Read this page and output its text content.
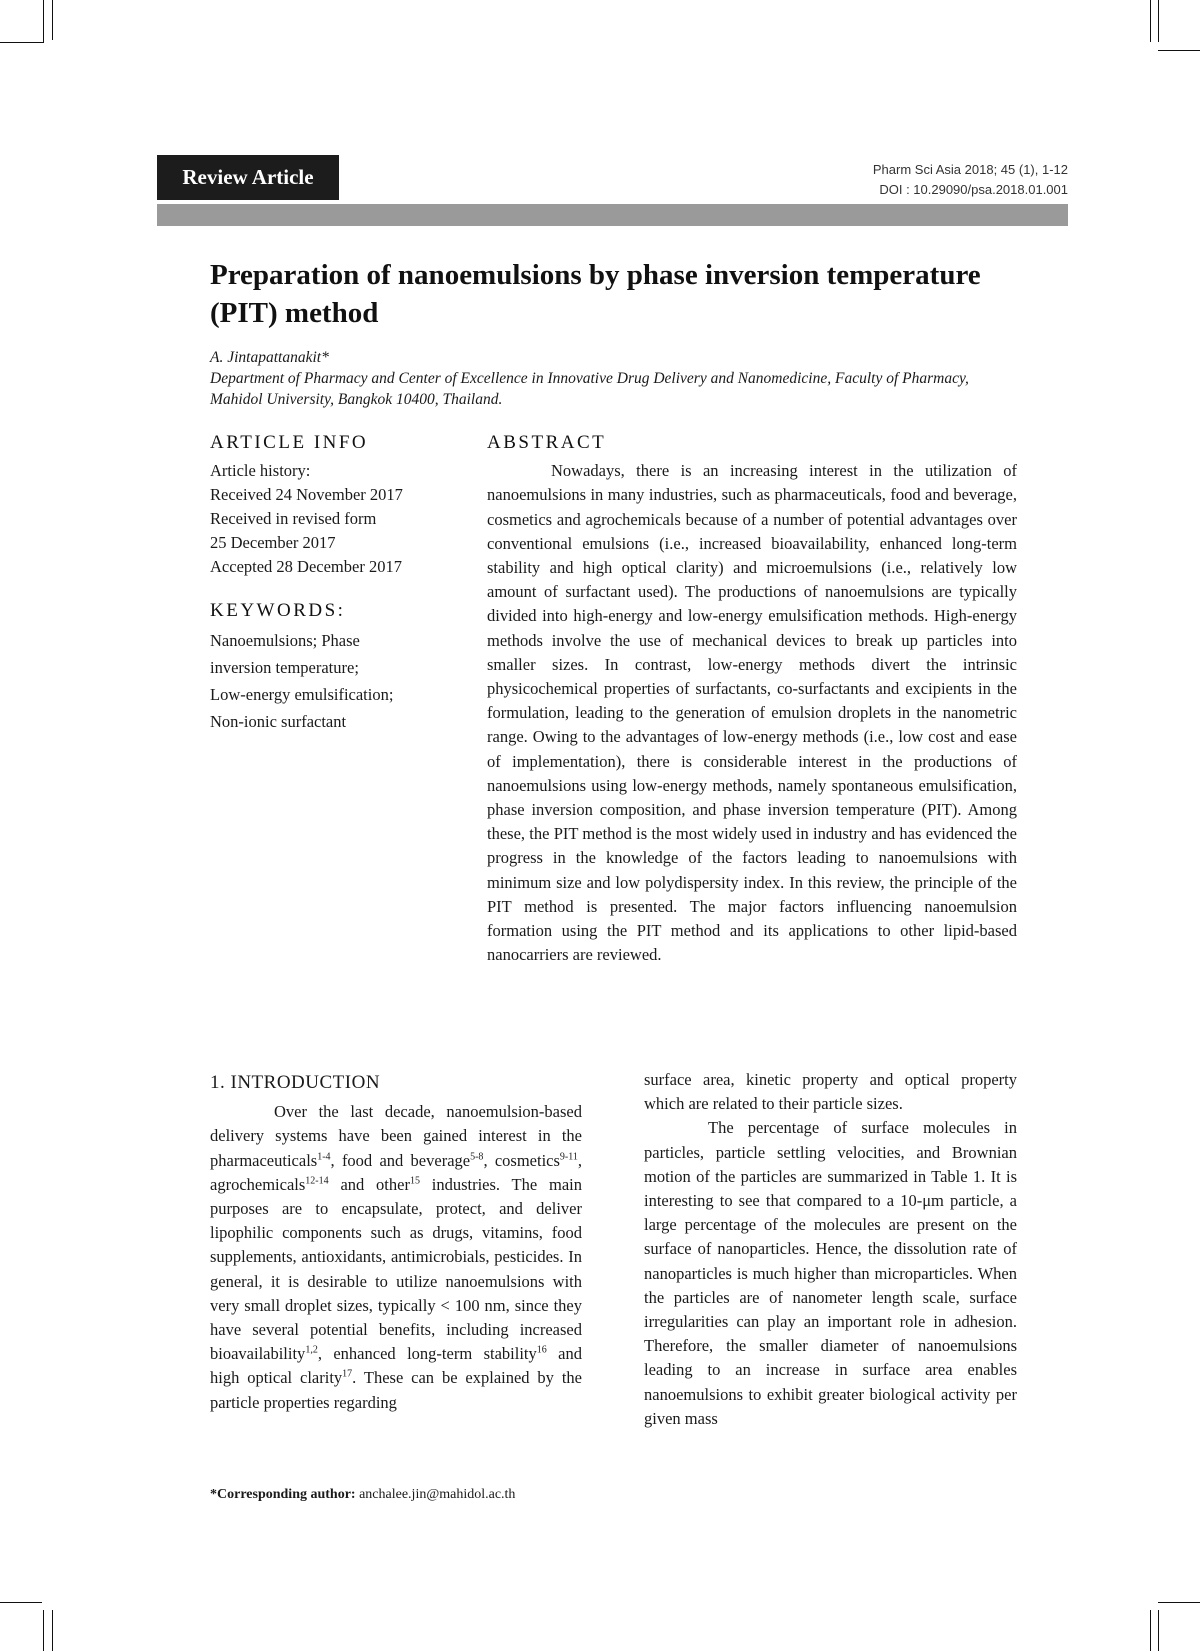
Review Article	Pharm Sci Asia 2018; 45 (1), 1-12
DOI : 10.29090/psa.2018.01.001
Preparation of nanoemulsions by phase inversion temperature (PIT) method
A. Jintapattanakit*
Department of Pharmacy and Center of Excellence in Innovative Drug Delivery and Nanomedicine, Faculty of Pharmacy, Mahidol University, Bangkok 10400, Thailand.
ARTICLE INFO
Article history:
Received 24 November 2017
Received in revised form
25 December 2017
Accepted 28 December 2017
KEYWORDS:
Nanoemulsions; Phase
inversion temperature;
Low-energy emulsification;
Non-ionic surfactant
ABSTRACT

Nowadays, there is an increasing interest in the utilization of nanoemulsions in many industries, such as pharmaceuticals, food and beverage, cosmetics and agrochemicals because of a number of potential advantages over conventional emulsions (i.e., increased bioavailability, enhanced long-term stability and high optical clarity) and microemulsions (i.e., relatively low amount of surfactant used). The productions of nanoemulsions are typically divided into high-energy and low-energy emulsification methods. High-energy methods involve the use of mechanical devices to break up particles into smaller sizes. In contrast, low-energy methods divert the intrinsic physicochemical properties of surfactants, co-surfactants and excipients in the formulation, leading to the generation of emulsion droplets in the nanometric range. Owing to the advantages of low-energy methods (i.e., low cost and ease of implementation), there is considerable interest in the productions of nanoemulsions using low-energy methods, namely spontaneous emulsification, phase inversion composition, and phase inversion temperature (PIT). Among these, the PIT method is the most widely used in industry and has evidenced the progress in the knowledge of the factors leading to nanoemulsions with minimum size and low polydispersity index. In this review, the principle of the PIT method is presented. The major factors influencing nanoemulsion formation using the PIT method and its applications to other lipid-based nanocarriers are reviewed.

1. INTRODUCTION

Over the last decade, nanoemulsion-based delivery systems have been gained interest in the pharmaceuticals$^{1-4}$, food and beverage$^{5-8}$, cosmetics$^{9-11}$, agrochemicals$^{12-14}$ and other$^{15}$ industries. The main purposes are to encapsulate, protect, and deliver lipophilic components such as drugs, vitamins, food supplements, antioxidants, antimicrobials, pesticides. In general, it is desirable to utilize nanoemulsions with very small droplet sizes, typically < 100 nm, since they have several potential benefits, including increased bioavailability$^{1,2}$, enhanced long-term stability$^{16}$ and high optical clarity$^{17}$. These can be explained by the particle properties regarding

surface area, kinetic property and optical property which are related to their particle sizes.

The percentage of surface molecules in particles, particle settling velocities, and Brownian motion of the particles are summarized in Table 1. It is interesting to see that compared to a 10-μm particle, a large percentage of the molecules are present on the surface of nanoparticles. Hence, the dissolution rate of nanoparticles is much higher than microparticles. When the particles are of nanometer length scale, surface irregularities can play an important role in adhesion. Therefore, the smaller diameter of nanoemulsions leading to an increase in surface area enables nanoemulsions to exhibit greater biological activity per given mass

*Corresponding author: anchalee.jin@mahidol.ac.th
